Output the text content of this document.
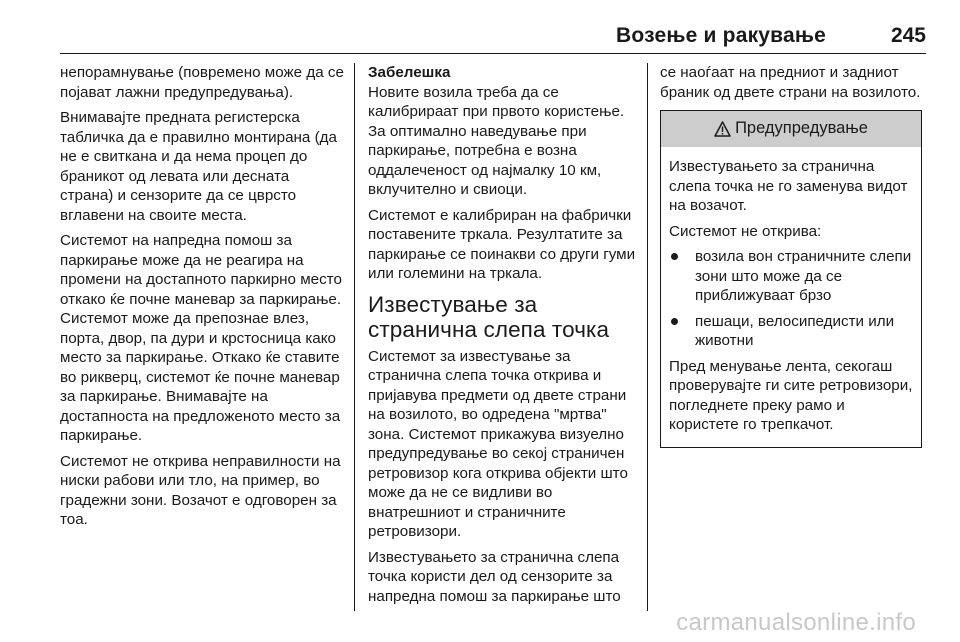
Возење и ракување	245

непорамнување (повремено може да се појават лажни предупредувања).

Внимавајте предната регистерска табличка да е правилно монтирана (да не е свиткана и да нема процеп до браникот од левата или десната страна) и сензорите да се цврсто вглавени на своите места.

Системот на напредна помош за паркирање може да не реагира на промени на достапното паркирно место откако ќе почне маневар за паркирање. Системот може да препознае влез, порта, двор, па дури и крстосница како место за паркирање. Откако ќе ставите во рикверц, системот ќе почне маневар за паркирање. Внимавајте на достапноста на предложеното место за паркирање.

Системот не открива неправилности на ниски рабови или тло, на пример, во градежни зони. Возачот е одговорен за тоа.

Забелешка

Новите возила треба да се калибрираат при првото користење. За оптимално наведување при паркирање, потребна е возна оддалеченост од најмалку 10 км, вклучително и свиоци.

Системот е калибриран на фабрички поставените тркала. Резултатите за паркирање се поинакви со други гуми или големини на тркала.

Известување за странична слепа точка

Системот за известување за странична слепа точка открива и пријавува предмети од двете страни на возилото, во одредена "мртва" зона. Системот прикажува визуелно предупредување во секој страничен ретровизор кога открива објекти што може да не се видливи во внатрешниот и страничните ретровизори.

Известувањето за странична слепа точка користи дел од сензорите за напредна помош за паркирање што

се наоѓаат на предниот и задниот браник од двете страни на возилото.

Предупредување

Известувањето за странична слепа точка не го заменува видот на возачот.

Системот не открива:

возила вон страничните слепи зони што може да се приближуваат брзо
пешаци, велосипедисти или животни

Пред менување лента, секогаш проверувајте ги сите ретровизори, погледнете преку рамо и користете го трепкачот.

carmanualsonline.info
